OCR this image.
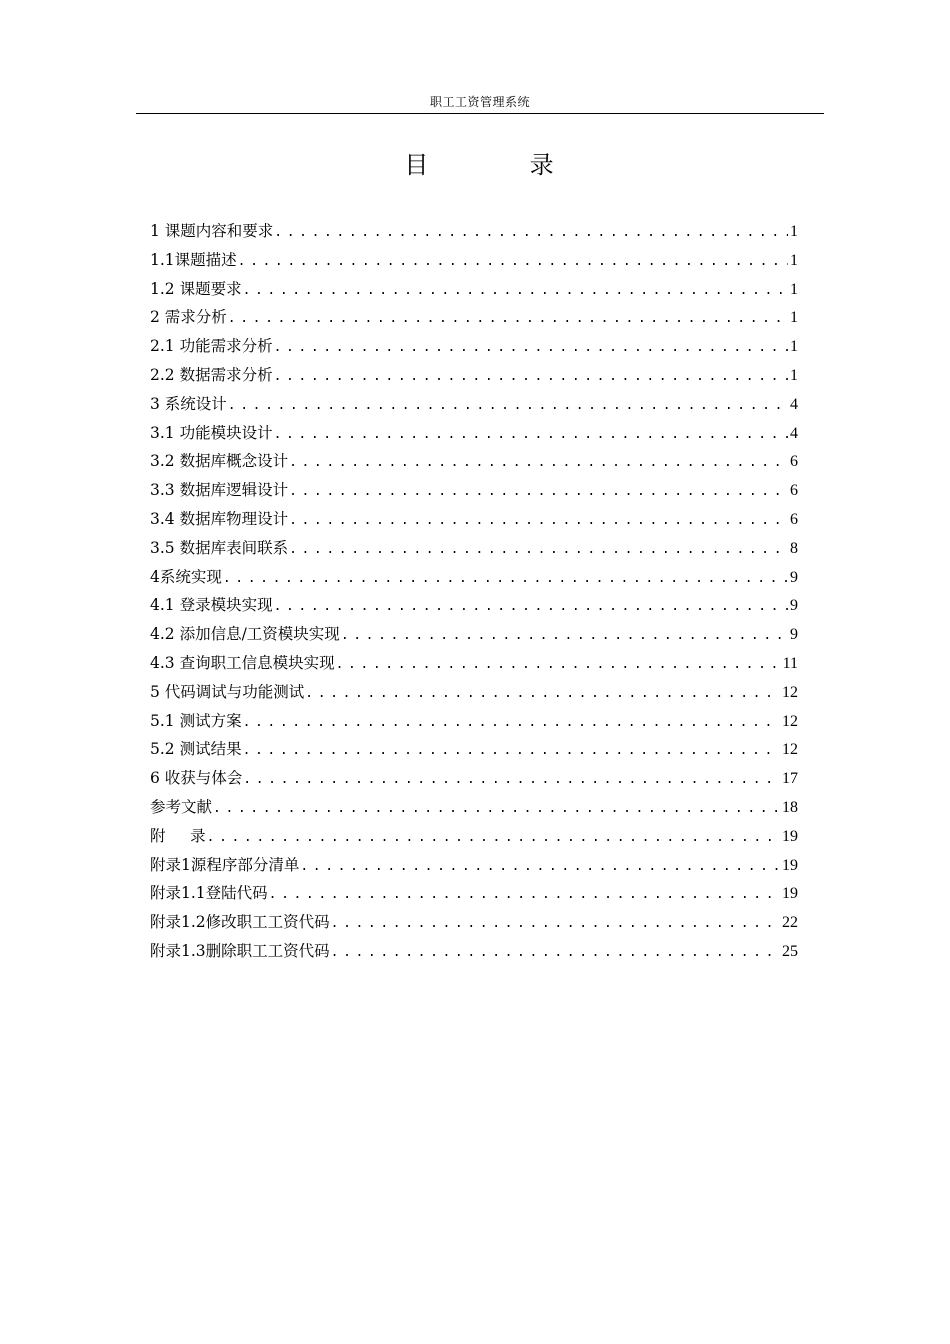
职工工资管理系统
目  录
1 课题内容和要求 .....	1
1.1课题描述 .....	1
1.2 课题要求 .....	1
2 需求分析 .....	1
2.1 功能需求分析 .....	1
2.2 数据需求分析 .....	1
3 系统设计 .....	4
3.1 功能模块设计 .....	4
3.2 数据库概念设计 .....	6
3.3 数据库逻辑设计 .....	6
3.4 数据库物理设计 .....	6
3.5 数据库表间联系 .....	8
4系统实现 .....	9
4.1 登录模块实现 .....	9
4.2 添加信息/工资模块实现 .....	9
4.3 查询职工信息模块实现 .....	11
5 代码调试与功能测试 .....	12
5.1 测试方案 .....	12
5.2 测试结果 .....	12
6 收获与体会 .....	17
参考文献 .....	18
附     录 .....	19
附录1源程序部分清单 .....	19
附录1.1登陆代码 .....	19
附录1.2修改职工工资代码 .....	22
附录1.3删除职工工资代码 .....	25
